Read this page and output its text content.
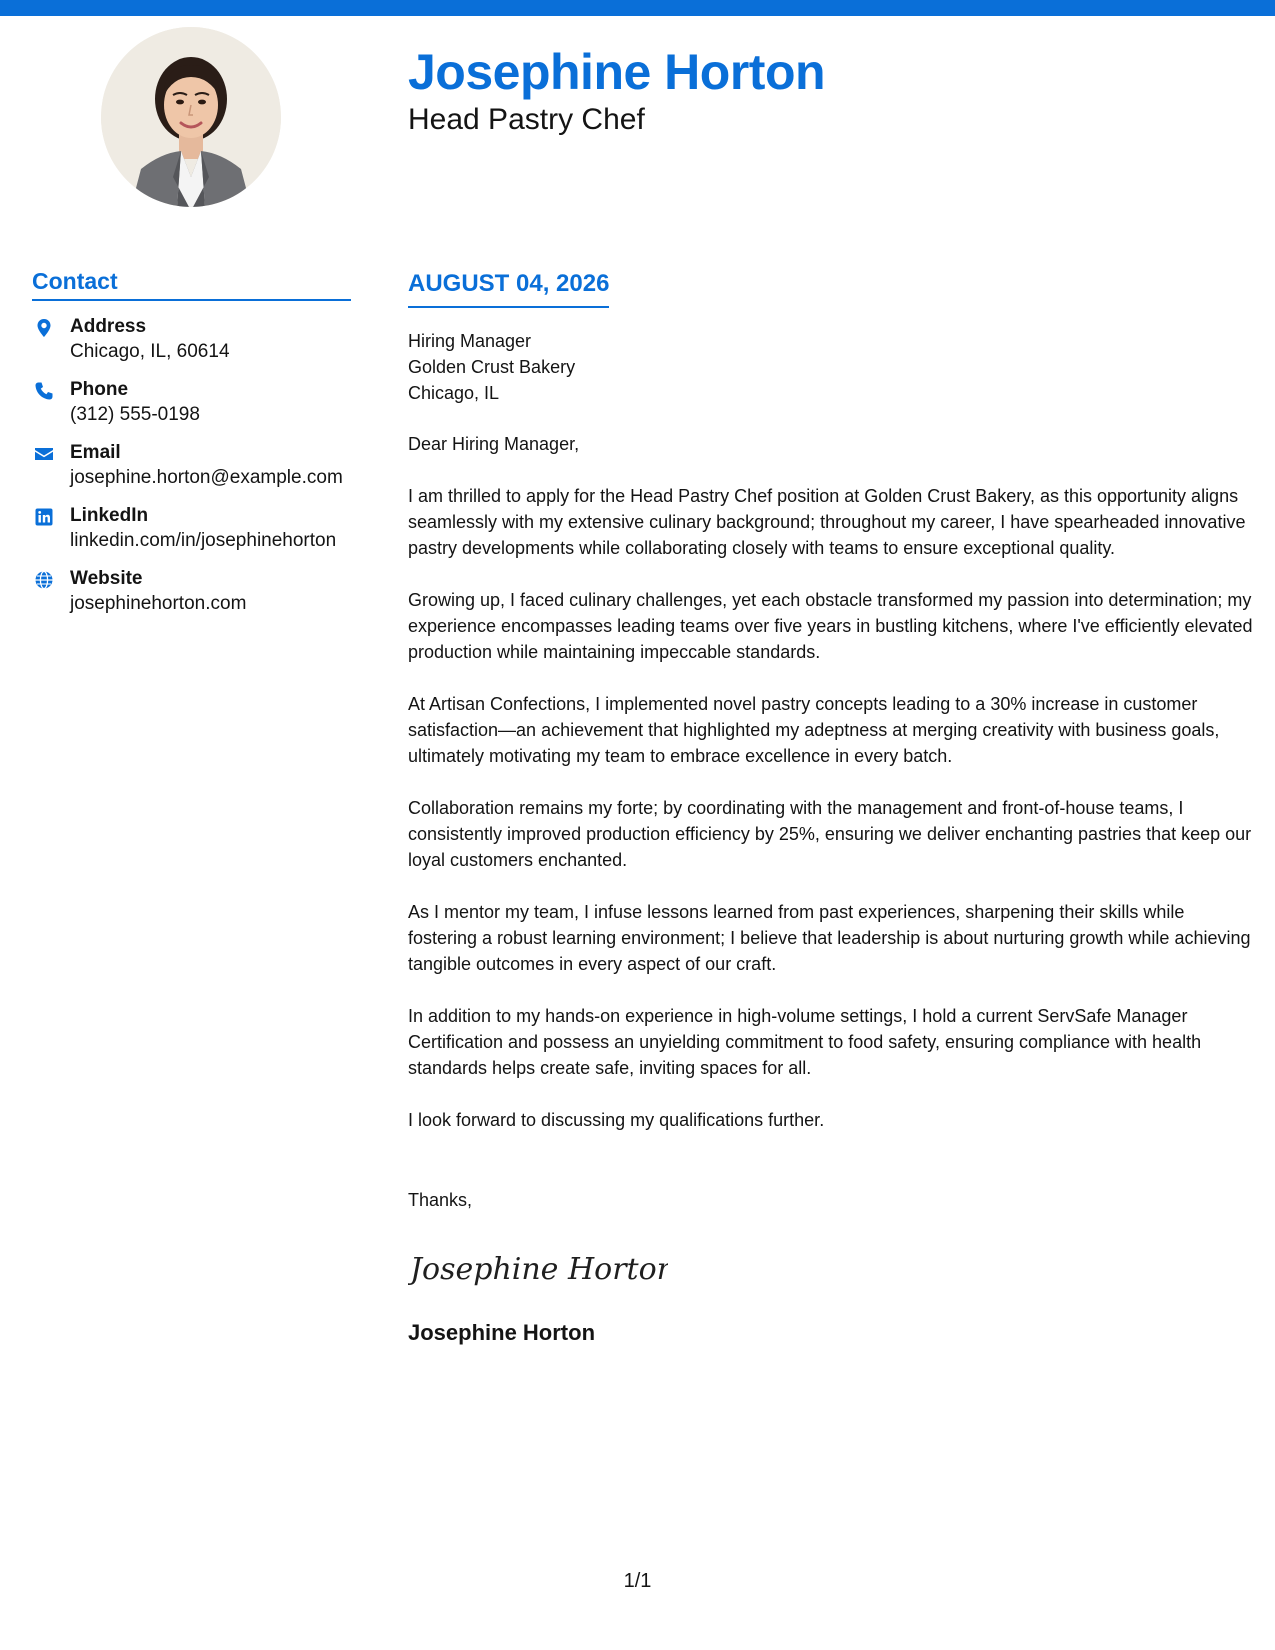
Josephine Horton

Head Pastry Chef

Contact
Address
Chicago, IL, 60614
Phone
(312) 555-0198
Email
josephine.horton@example.com
LinkedIn
linkedin.com/in/josephinehorton
Website
josephinehorton.com
AUGUST 04, 2026
Hiring Manager
Golden Crust Bakery
Chicago, IL
Dear Hiring Manager,

I am thrilled to apply for the Head Pastry Chef position at Golden Crust Bakery, as this opportunity aligns seamlessly with my extensive culinary background; throughout my career, I have spearheaded innovative pastry developments while collaborating closely with teams to ensure exceptional quality.

Growing up, I faced culinary challenges, yet each obstacle transformed my passion into determination; my experience encompasses leading teams over five years in bustling kitchens, where I've efficiently elevated production while maintaining impeccable standards.

At Artisan Confections, I implemented novel pastry concepts leading to a 30% increase in customer satisfaction—an achievement that highlighted my adeptness at merging creativity with business goals, ultimately motivating my team to embrace excellence in every batch.

Collaboration remains my forte; by coordinating with the management and front-of-house teams, I consistently improved production efficiency by 25%, ensuring we deliver enchanting pastries that keep our loyal customers enchanted.

As I mentor my team, I infuse lessons learned from past experiences, sharpening their skills while fostering a robust learning environment; I believe that leadership is about nurturing growth while achieving tangible outcomes in every aspect of our craft.

In addition to my hands-on experience in high-volume settings, I hold a current ServSafe Manager Certification and possess an unyielding commitment to food safety, ensuring compliance with health standards helps create safe, inviting spaces for all.

I look forward to discussing my qualifications further.

Thanks,
Josephine Horton
Josephine Horton
1/1
